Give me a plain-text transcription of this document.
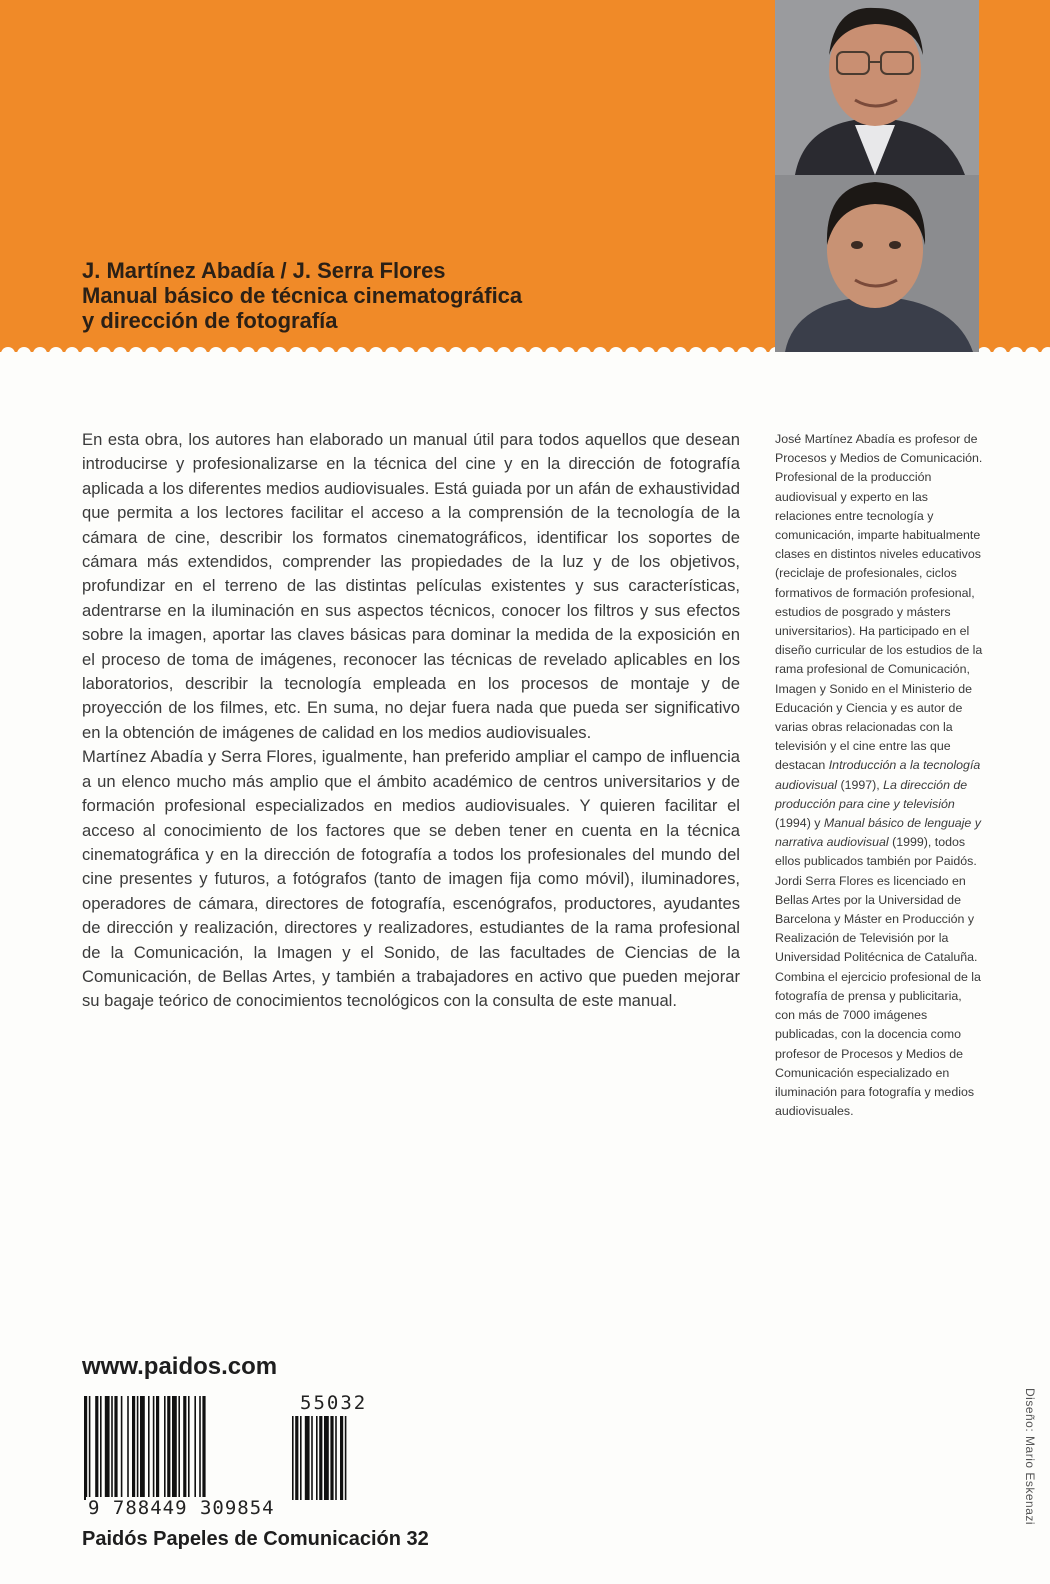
J. Martínez Abadía / J. Serra Flores
Manual básico de técnica cinematográfica
y dirección de fotografía

En esta obra, los autores han elaborado un manual útil para todos aquellos que desean introducirse y profesionalizarse en la técnica del cine y en la dirección de fotografía aplicada a los diferentes medios audiovisuales. Está guiada por un afán de exhaustividad que permita a los lectores facilitar el acceso a la comprensión de la tecnología de la cámara de cine, describir los formatos cinematográficos, identificar los soportes de cámara más extendidos, comprender las propiedades de la luz y de los objetivos, profundizar en el terreno de las distintas películas existentes y sus características, adentrarse en la iluminación en sus aspectos técnicos, conocer los filtros y sus efectos sobre la imagen, aportar las claves básicas para dominar la medida de la exposición en el proceso de toma de imágenes, reconocer las técnicas de revelado aplicables en los laboratorios, describir la tecnología empleada en los procesos de montaje y de proyección de los filmes, etc. En suma, no dejar fuera nada que pueda ser significativo en la obtención de imágenes de calidad en los medios audiovisuales.

Martínez Abadía y Serra Flores, igualmente, han preferido ampliar el campo de influencia a un elenco mucho más amplio que el ámbito académico de centros universitarios y de formación profesional especializados en medios audiovisuales. Y quieren facilitar el acceso al conocimiento de los factores que se deben tener en cuenta en la técnica cinematográfica y en la dirección de fotografía a todos los profesionales del mundo del cine presentes y futuros, a fotógrafos (tanto de imagen fija como móvil), iluminadores, operadores de cámara, directores de fotografía, escenógrafos, productores, ayudantes de dirección y realización, directores y realizadores, estudiantes de la rama profesional de la Comunicación, la Imagen y el Sonido, de las facultades de Ciencias de la Comunicación, de Bellas Artes, y también a trabajadores en activo que pueden mejorar su bagaje teórico de conocimientos tecnológicos con la consulta de este manual.

José Martínez Abadía es profesor de Procesos y Medios de Comunicación. Profesional de la producción audiovisual y experto en las relaciones entre tecnología y comunicación, imparte habitualmente clases en distintos niveles educativos (reciclaje de profesionales, ciclos formativos de formación profesional, estudios de posgrado y másters universitarios). Ha participado en el diseño curricular de los estudios de la rama profesional de Comunicación, Imagen y Sonido en el Ministerio de Educación y Ciencia y es autor de varias obras relacionadas con la televisión y el cine entre las que destacan Introducción a la tecnología audiovisual (1997), La dirección de producción para cine y televisión (1994) y Manual básico de lenguaje y narrativa audiovisual (1999), todos ellos publicados también por Paidós.
Jordi Serra Flores es licenciado en Bellas Artes por la Universidad de Barcelona y Máster en Producción y Realización de Televisión por la Universidad Politécnica de Cataluña. Combina el ejercicio profesional de la fotografía de prensa y publicitaria, con más de 7000 imágenes publicadas, con la docencia como profesor de Procesos y Medios de Comunicación especializado en iluminación para fotografía y medios audiovisuales.
www.paidos.com
55032
9 788449 309854
Paidós Papeles de Comunicación 32
Diseño: Mario Eskenazi
